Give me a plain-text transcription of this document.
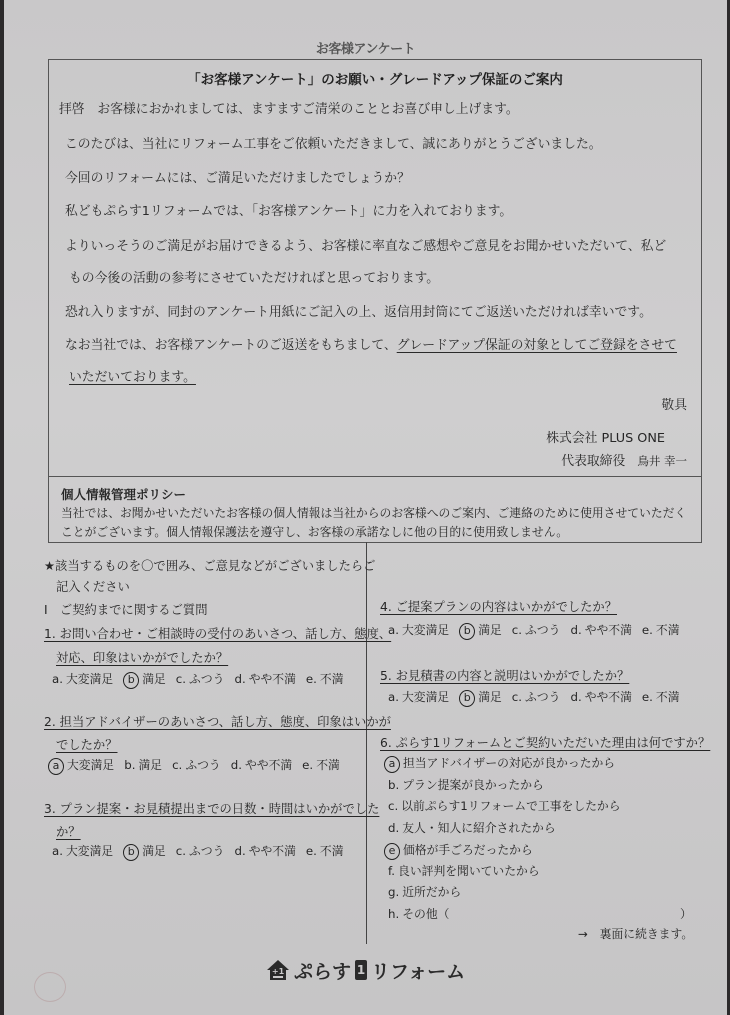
お客様アンケート
「お客様アンケート」のお願い・グレードアップ保証のご案内
拝啓　お客様におかれましては、ますますご清栄のこととお喜び申し上げます。
このたびは、当社にリフォーム工事をご依頼いただきまして、誠にありがとうございました。
今回のリフォームには、ご満足いただけましたでしょうか？
私どもぷらす1リフォームでは、「お客様アンケート」に力を入れております。
よりいっそうのご満足がお届けできるよう、お客様に率直なご感想やご意見をお聞かせいただいて、私ど
もの今後の活動の参考にさせていただければと思っております。
恐れ入りますが、同封のアンケート用紙にご記入の上、返信用封筒にてご返送いただければ幸いです。
なお当社では、お客様アンケートのご返送をもちまして、グレードアップ保証の対象としてご登録をさせて
いただいております。
敬具
株式会社 PLUS ONE
代表取締役 鳥井 幸一
個人情報管理ポリシー
当社では、お聞かせいただいたお客様の個人情報は当社からのお客様へのご案内、ご連絡のために使用させていただく
ことがございます。個人情報保護法を遵守し、お客様の承諾なしに他の目的に使用致しません。
★該当するものを〇で囲み、ご意見などがございましたらご
記入ください
Ⅰ　ご契約までに関するご質問
1. お問い合わせ・ご相談時の受付のあいさつ、話し方、態度、
対応、印象はいかがでしたか？
a. 大変満足	b 満足 c. ふつう d. やや不満 e. 不満
2. 担当アドバイザーのあいさつ、話し方、態度、印象はいかが
でしたか？
a 大変満足 b. 満足 c. ふつう d. やや不満 e. 不満
3. プラン提案・お見積提出までの日数・時間はいかがでした
か？
a. 大変満足	b 満足 c. ふつう d. やや不満 e. 不満
4. ご提案プランの内容はいかがでしたか？
a. 大変満足	b 満足 c. ふつう d. やや不満 e. 不満
5. お見積書の内容と説明はいかがでしたか？
a. 大変満足	b 満足 c. ふつう d. やや不満 e. 不満
6. ぷらす1リフォームとご契約いただいた理由は何ですか？
a 担当アドバイザーの対応が良かったから
b. プラン提案が良かったから
c. 以前ぷらす1リフォームで工事をしたから
d. 友人・知人に紹介されたから
e 価格が手ごろだったから
f. 良い評判を聞いていたから
g. 近所だから
h. その他（	）
→　裏面に続きます。
+1 ぷらす 1 リフォーム
